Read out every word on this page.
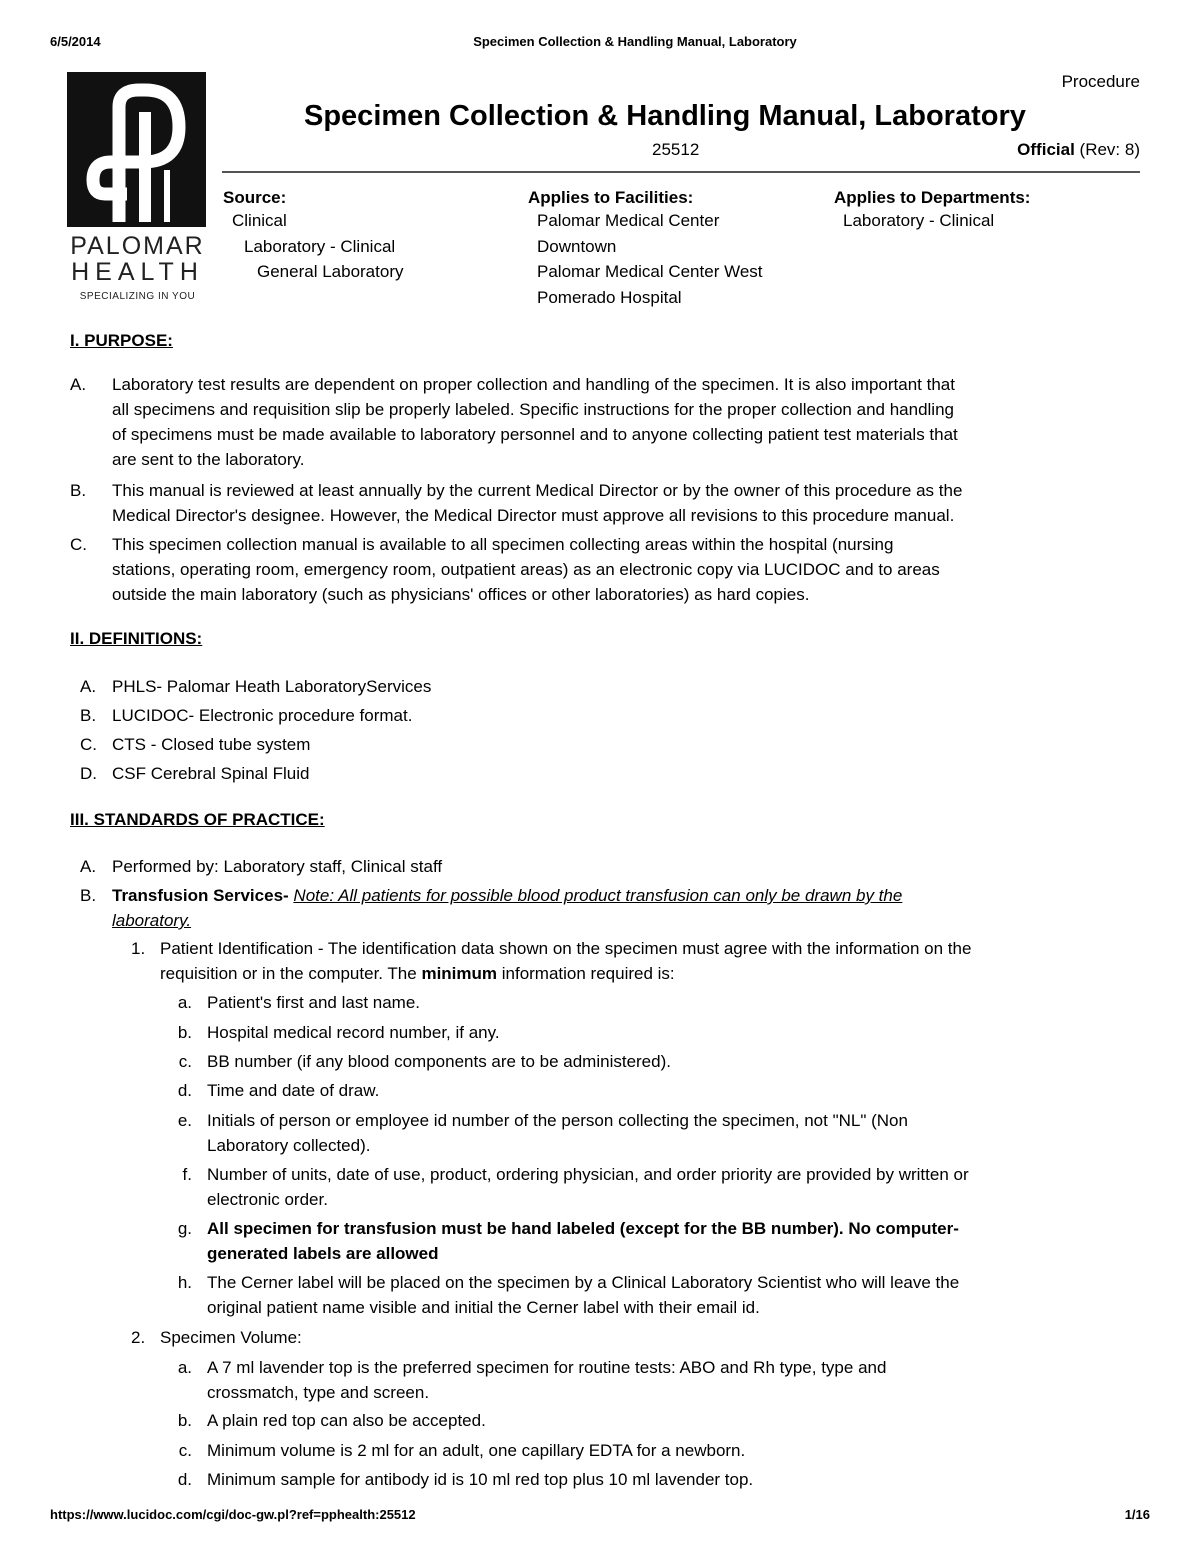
6/5/2014	Specimen Collection & Handling Manual, Laboratory
PALOMAR
HEALTH
SPECIALIZING IN YOU
Procedure
Specimen Collection & Handling Manual, Laboratory
25512	Official (Rev: 8)
Source:
Clinical
Laboratory - Clinical
General Laboratory
Applies to Facilities:
Palomar Medical Center
Downtown
Palomar Medical Center West
Pomerado Hospital
Applies to Departments:
Laboratory - Clinical
I. PURPOSE:
A.	Laboratory test results are dependent on proper collection and handling of the specimen. It is also important that
all specimens and requisition slip be properly labeled. Specific instructions for the proper collection and handling
of specimens must be made available to laboratory personnel and to anyone collecting patient test materials that
are sent to the laboratory.
B.	This manual is reviewed at least annually by the current Medical Director or by the owner of this procedure as the
Medical Director's designee. However, the Medical Director must approve all revisions to this procedure manual.
C.	This specimen collection manual is available to all specimen collecting areas within the hospital (nursing
stations, operating room, emergency room, outpatient areas) as an electronic copy via LUCIDOC and to areas
outside the main laboratory (such as physicians' offices or other laboratories) as hard copies.
II. DEFINITIONS:
A. PHLS- Palomar Heath LaboratoryServices
B. LUCIDOC- Electronic procedure format.
C. CTS - Closed tube system
D. CSF Cerebral Spinal Fluid
III. STANDARDS OF PRACTICE:
A. Performed by: Laboratory staff, Clinical staff
B. Transfusion Services- Note: All patients for possible blood product transfusion can only be drawn by the
laboratory.
1. Patient Identification - The identification data shown on the specimen must agree with the information on the
requisition or in the computer. The minimum information required is:
a. Patient's first and last name.
b. Hospital medical record number, if any.
c. BB number (if any blood components are to be administered).
d. Time and date of draw.
e. Initials of person or employee id number of the person collecting the specimen, not "NL" (Non
Laboratory collected).
f. Number of units, date of use, product, ordering physician, and order priority are provided by written or
electronic order.
g. All specimen for transfusion must be hand labeled (except for the BB number). No computer-
generated labels are allowed
h. The Cerner label will be placed on the specimen by a Clinical Laboratory Scientist who will leave the
original patient name visible and initial the Cerner label with their email id.
2. Specimen Volume:
a. A 7 ml lavender top is the preferred specimen for routine tests: ABO and Rh type, type and
crossmatch, type and screen.
b. A plain red top can also be accepted.
c. Minimum volume is 2 ml for an adult, one capillary EDTA for a newborn.
d. Minimum sample for antibody id is 10 ml red top plus 10 ml lavender top.
https://www.lucidoc.com/cgi/doc-gw.pl?ref=pphealth:25512	1/16
